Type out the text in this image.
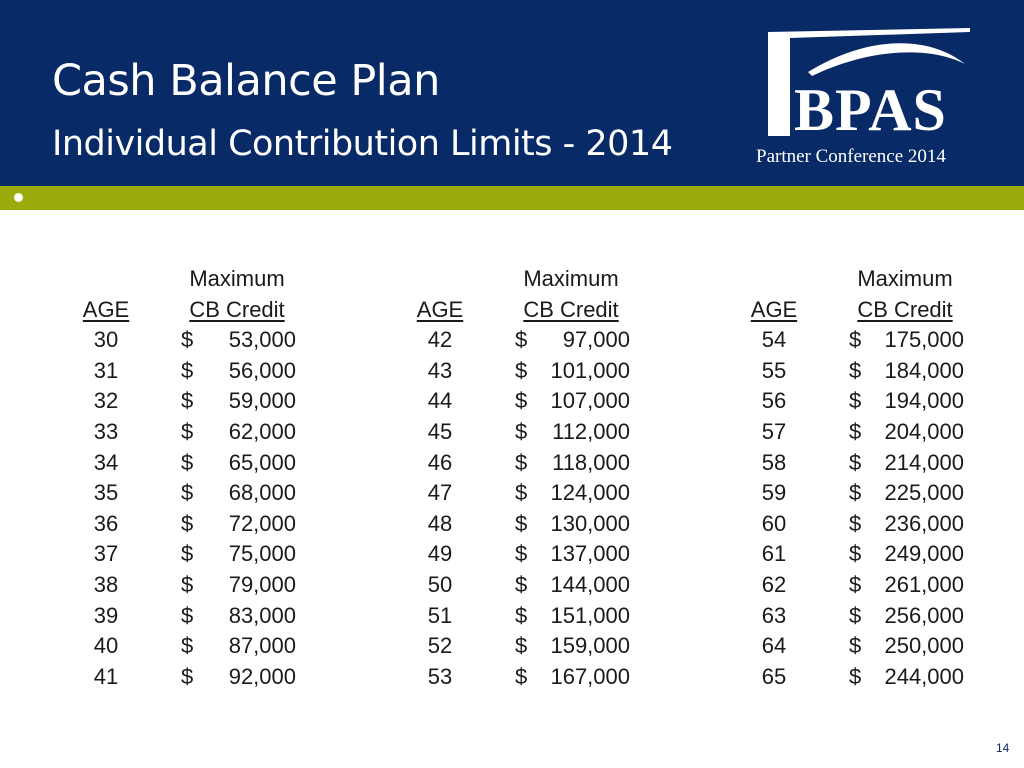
Cash Balance Plan
Individual Contribution Limits - 2014
BPAS
Partner Conference 2014
Maximum
AGE	CB Credit
30	$	53,000
31	$	56,000
32	$	59,000
33	$	62,000
34	$	65,000
35	$	68,000
36	$	72,000
37	$	75,000
38	$	79,000
39	$	83,000
40	$	87,000
41	$	92,000
Maximum
AGE	CB Credit
42	$	97,000
43	$	101,000
44	$	107,000
45	$	112,000
46	$	118,000
47	$	124,000
48	$	130,000
49	$	137,000
50	$	144,000
51	$	151,000
52	$	159,000
53	$	167,000
Maximum
AGE	CB Credit
54	$	175,000
55	$	184,000
56	$	194,000
57	$	204,000
58	$	214,000
59	$	225,000
60	$	236,000
61	$	249,000
62	$	261,000
63	$	256,000
64	$	250,000
65	$	244,000
14
